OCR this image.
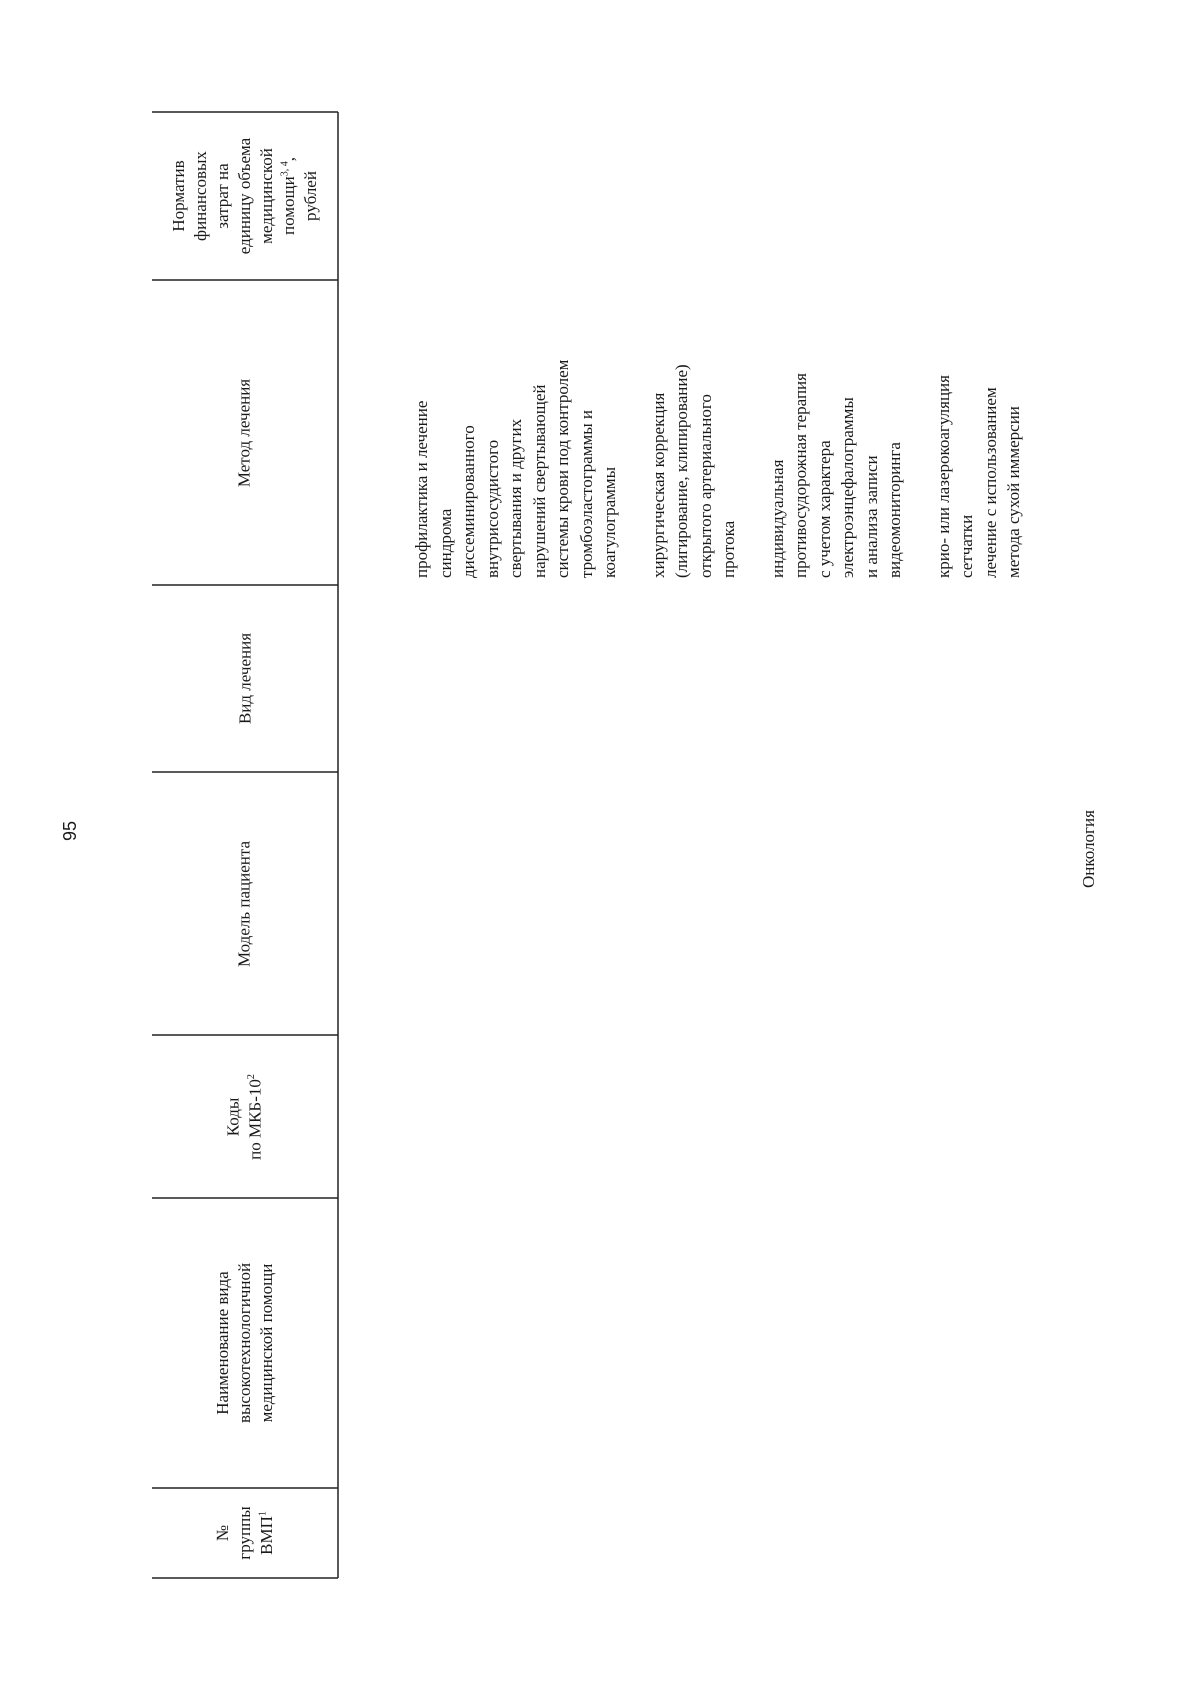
95
Норматив финансовых затрат на единицу объема медицинской помощи$^{3, 4}$,
рублей
Метод лечения
Вид лечения
Модель пациента
Коды по МКБ-$10^2$
Наименование вида высокотехнологичной медицинской помощи
№ группы ВМП$^1$

профилактика и лечение синдрома диссеминированного внутрисосудистого свертывания и других нарушений свертывающей системы крови под контролем тромбоэластограммы и коагулограммы хирургическая коррекция (лигирование, клипирование) открытого артериального протока индивидуальная противосудорожная терапия с учетом характера электроэнцефалограммы и анализа записи видеомониторинга крио- или лазерокоагуляция сетчатки лечение с использованием метода сухой иммерсии

Онкология
